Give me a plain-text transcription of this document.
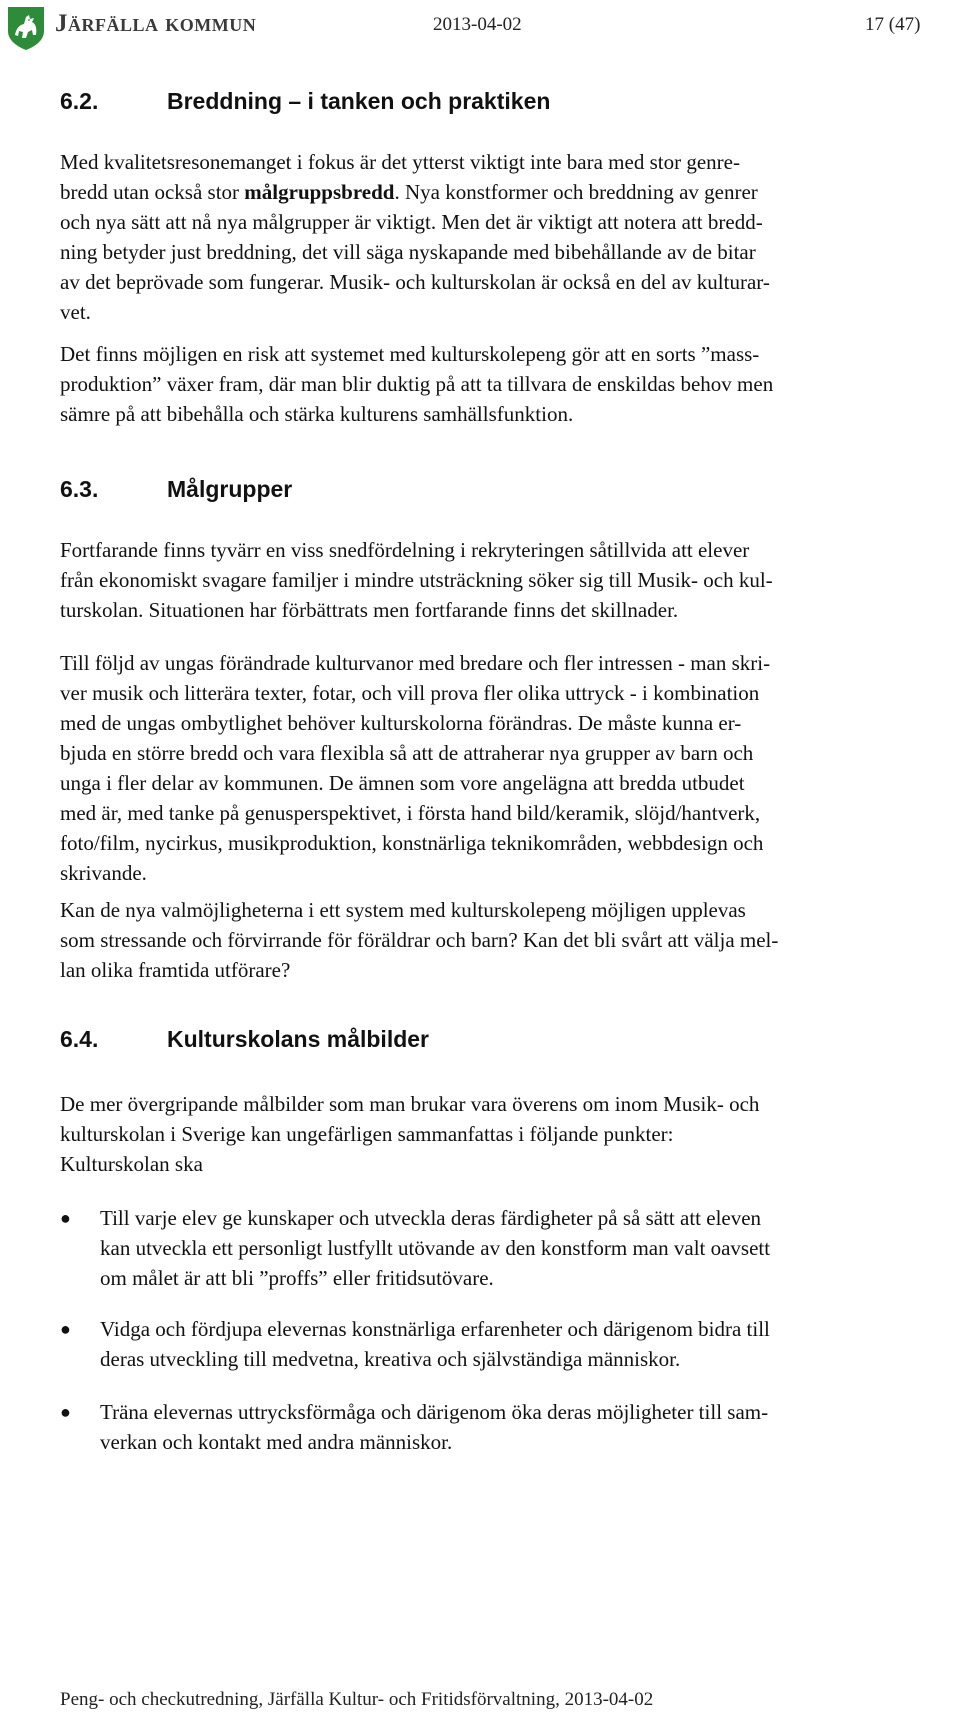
Järfälla kommun	2013-04-02	17 (47)
6.2.	Breddning – i tanken och praktiken
Med kvalitetsresonemanget i fokus är det ytterst viktigt inte bara med stor genre-
bredd utan också stor målgruppsbredd. Nya konstformer och breddning av genrer
och nya sätt att nå nya målgrupper är viktigt. Men det är viktigt att notera att bredd-
ning betyder just breddning, det vill säga nyskapande med bibehållande av de bitar
av det beprövade som fungerar. Musik- och kulturskolan är också en del av kulturar-
vet.
Det finns möjligen en risk att systemet med kulturskolepeng gör att en sorts ”mass-
produktion” växer fram, där man blir duktig på att ta tillvara de enskildas behov men
sämre på att bibehålla och stärka kulturens samhällsfunktion.
6.3.	Målgrupper
Fortfarande finns tyvärr en viss snedfördelning i rekryteringen såtillvida att elever
från ekonomiskt svagare familjer i mindre utsträckning söker sig till Musik- och kul-
turskolan. Situationen har förbättrats men fortfarande finns det skillnader.
Till följd av ungas förändrade kulturvanor med bredare och fler intressen - man skri-
ver musik och litterära texter, fotar, och vill prova fler olika uttryck - i kombination
med de ungas ombytlighet behöver kulturskolorna förändras. De måste kunna er-
bjuda en större bredd och vara flexibla så att de attraherar nya grupper av barn och
unga i fler delar av kommunen. De ämnen som vore angelägna att bredda utbudet
med är, med tanke på genusperspektivet, i första hand bild/keramik, slöjd/hantverk,
foto/film, nycirkus, musikproduktion, konstnärliga teknikområden, webbdesign och
skrivande.
Kan de nya valmöjligheterna i ett system med kulturskolepeng möjligen upplevas
som stressande och förvirrande för föräldrar och barn? Kan det bli svårt att välja mel-
lan olika framtida utförare?
6.4.	Kulturskolans målbilder
De mer övergripande målbilder som man brukar vara överens om inom Musik- och
kulturskolan i Sverige kan ungefärligen sammanfattas i följande punkter:
Kulturskolan ska
● Till varje elev ge kunskaper och utveckla deras färdigheter på så sätt att eleven
kan utveckla ett personligt lustfyllt utövande av den konstform man valt oavsett
om målet är att bli ”proffs” eller fritidsutövare.
● Vidga och fördjupa elevernas konstnärliga erfarenheter och därigenom bidra till
deras utveckling till medvetna, kreativa och självständiga människor.
● Träna elevernas uttrycksförmåga och därigenom öka deras möjligheter till sam-
verkan och kontakt med andra människor.
Peng- och checkutredning, Järfälla Kultur- och Fritidsförvaltning, 2013-04-02
